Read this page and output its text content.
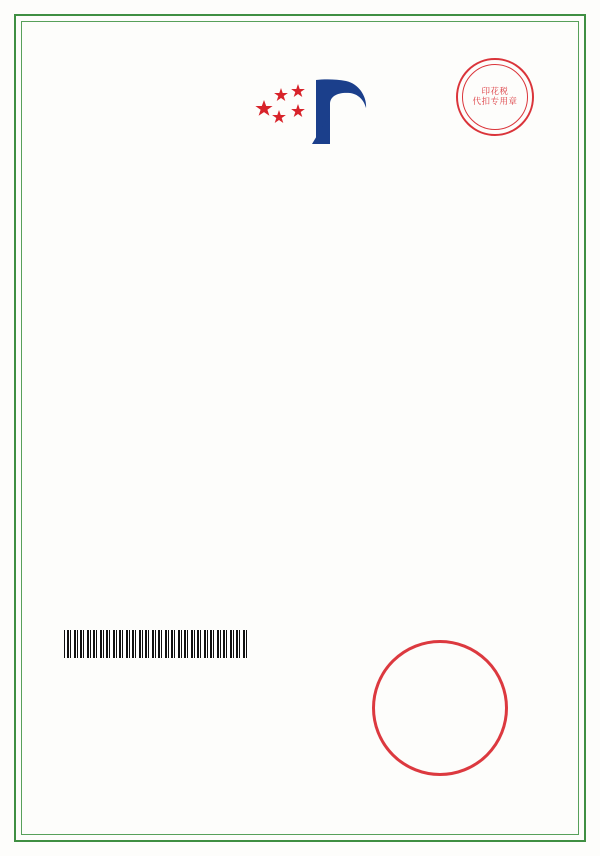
印花税
代扣专用章
